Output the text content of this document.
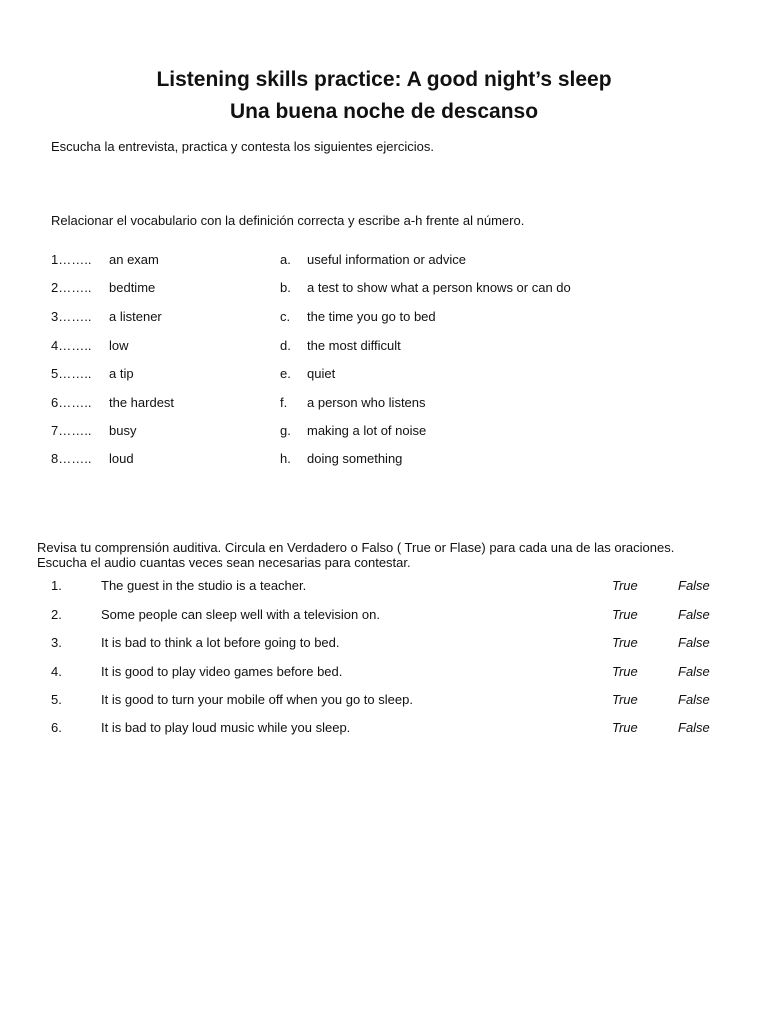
Listening skills practice: A good night’s sleep
Una buena noche de descanso
Escucha la entrevista, practica y contesta los siguientes ejercicios.
Relacionar el vocabulario con la definición correcta y escribe a-h frente al número.
1…….. an exam	a. useful information or advice
2…….. bedtime	b. a test to show what a person knows or can do
3…….. a listener	c. the time you go to bed
4…….. low	d. the most difficult
5…….. a tip	e. quiet
6…….. the hardest	f. a person who listens
7…….. busy	g. making a lot of noise
8…….. loud	h. doing something
Revisa tu comprensión auditiva. Circula en Verdadero o Falso ( True or Flase) para cada una de las oraciones.
Escucha el audio cuantas veces sean necesarias para contestar.
1.	The guest in the studio is a teacher.	True	False
2.	Some people can sleep well with a television on.	True	False
3.	It is bad to think a lot before going to bed.	True	False
4.	It is good to play video games before bed.	True	False
5.	It is good to turn your mobile off when you go to sleep.	True	False
6.	It is bad to play loud music while you sleep.	True	False
